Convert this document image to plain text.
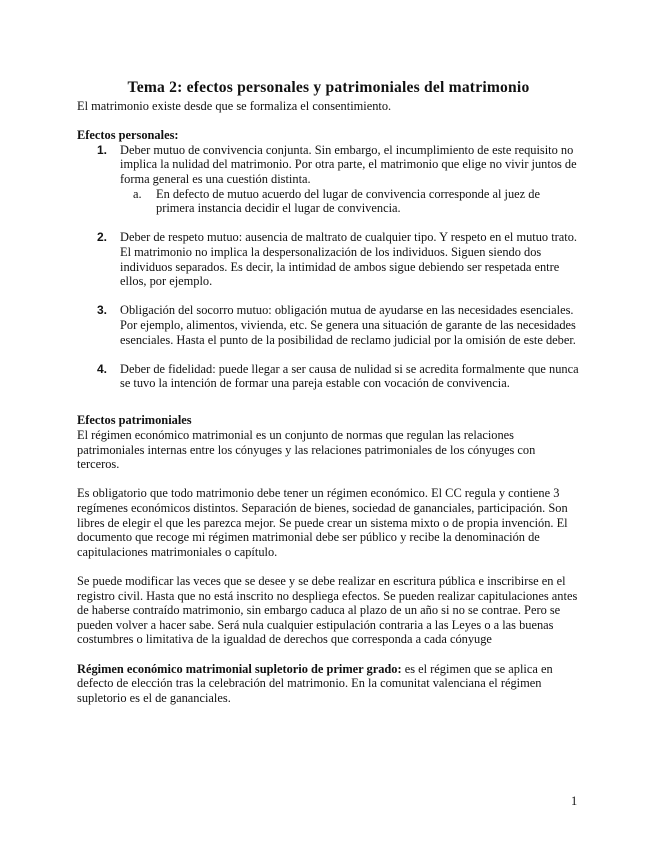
Tema 2: efectos personales y patrimoniales del matrimonio

El matrimonio existe desde que se formaliza el consentimiento.

Efectos personales:

1. Deber mutuo de convivencia conjunta. Sin embargo, el incumplimiento de este requisito no implica la nulidad del matrimonio. Por otra parte, el matrimonio que elige no vivir juntos de forma general es una cuestión distinta.

a. En defecto de mutuo acuerdo del lugar de convivencia corresponde al juez de primera instancia decidir el lugar de convivencia.

2. Deber de respeto mutuo: ausencia de maltrato de cualquier tipo. Y respeto en el mutuo trato. El matrimonio no implica la despersonalización de los individuos. Siguen siendo dos individuos separados. Es decir, la intimidad de ambos sigue debiendo ser respetada entre ellos, por ejemplo.

3. Obligación del socorro mutuo: obligación mutua de ayudarse en las necesidades esenciales. Por ejemplo, alimentos, vivienda, etc. Se genera una situación de garante de las necesidades esenciales. Hasta el punto de la posibilidad de reclamo judicial por la omisión de este deber.

4. Deber de fidelidad: puede llegar a ser causa de nulidad si se acredita formalmente que nunca se tuvo la intención de formar una pareja estable con vocación de convivencia.

Efectos patrimoniales

El régimen económico matrimonial es un conjunto de normas que regulan las relaciones patrimoniales internas entre los cónyuges y las relaciones patrimoniales de los cónyuges con terceros.

Es obligatorio que todo matrimonio debe tener un régimen económico. El CC regula y contiene 3 regímenes económicos distintos. Separación de bienes, sociedad de gananciales, participación. Son libres de elegir el que les parezca mejor. Se puede crear un sistema mixto o de propia invención. El documento que recoge mi régimen matrimonial debe ser público y recibe la denominación de capitulaciones matrimoniales o capítulo.

Se puede modificar las veces que se desee y se debe realizar en escritura pública e inscribirse en el registro civil. Hasta que no está inscrito no despliega efectos. Se pueden realizar capitulaciones antes de haberse contraído matrimonio, sin embargo caduca al plazo de un año si no se contrae. Pero se pueden volver a hacer sabe. Será nula cualquier estipulación contraria a las Leyes o a las buenas costumbres o limitativa de la igualdad de derechos que corresponda a cada cónyuge

Régimen económico matrimonial supletorio de primer grado: es el régimen que se aplica en defecto de elección tras la celebración del matrimonio. En la comunitat valenciana el régimen supletorio es el de gananciales.

1
